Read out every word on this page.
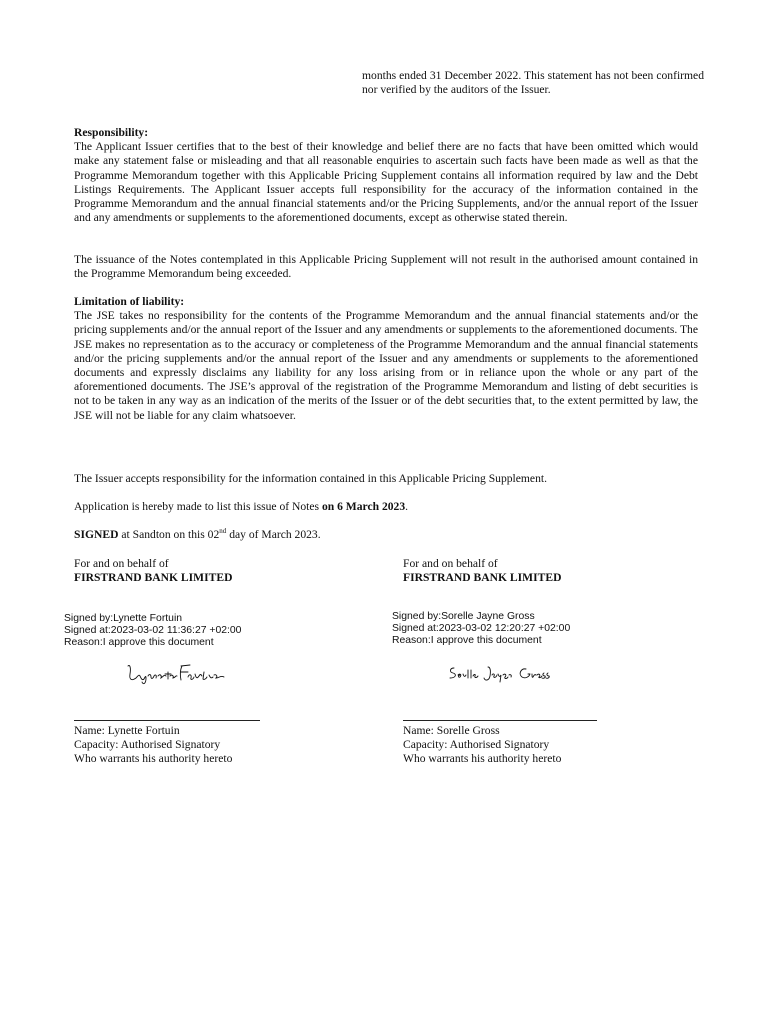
months ended 31 December 2022. This statement has not been confirmed nor verified by the auditors of the Issuer.

Responsibility:

The Applicant Issuer certifies that to the best of their knowledge and belief there are no facts that have been omitted which would make any statement false or misleading and that all reasonable enquiries to ascertain such facts have been made as well as that the Programme Memorandum together with this Applicable Pricing Supplement contains all information required by law and the Debt Listings Requirements. The Applicant Issuer accepts full responsibility for the accuracy of the information contained in the Programme Memorandum and the annual financial statements and/or the Pricing Supplements, and/or the annual report of the Issuer and any amendments or supplements to the aforementioned documents, except as otherwise stated therein.

The issuance of the Notes contemplated in this Applicable Pricing Supplement will not result in the authorised amount contained in the Programme Memorandum being exceeded.

Limitation of liability:

The JSE takes no responsibility for the contents of the Programme Memorandum and the annual financial statements and/or the pricing supplements and/or the annual report of the Issuer and any amendments or supplements to the aforementioned documents. The JSE makes no representation as to the accuracy or completeness of the Programme Memorandum and the annual financial statements and/or the pricing supplements and/or the annual report of the Issuer and any amendments or supplements to the aforementioned documents and expressly disclaims any liability for any loss arising from or in reliance upon the whole or any part of the aforementioned documents. The JSE’s approval of the registration of the Programme Memorandum and listing of debt securities is not to be taken in any way as an indication of the merits of the Issuer or of the debt securities that, to the extent permitted by law, the JSE will not be liable for any claim whatsoever.

The Issuer accepts responsibility for the information contained in this Applicable Pricing Supplement.

Application is hereby made to list this issue of Notes on 6 March 2023.

SIGNED at Sandton on this 02nd day of March 2023.

For and on behalf of

FIRSTRAND BANK LIMITED

Signed by:Lynette Fortuin
Signed at:2023-03-02 11:36:27 +02:00
Reason:I approve this document

Name: Lynette Fortuin

Capacity: Authorised Signatory

Who warrants his authority hereto

For and on behalf of

FIRSTRAND BANK LIMITED

Signed by:Sorelle Jayne Gross
Signed at:2023-03-02 12:20:27 +02:00
Reason:I approve this document

Name: Sorelle Gross

Capacity: Authorised Signatory

Who warrants his authority hereto
